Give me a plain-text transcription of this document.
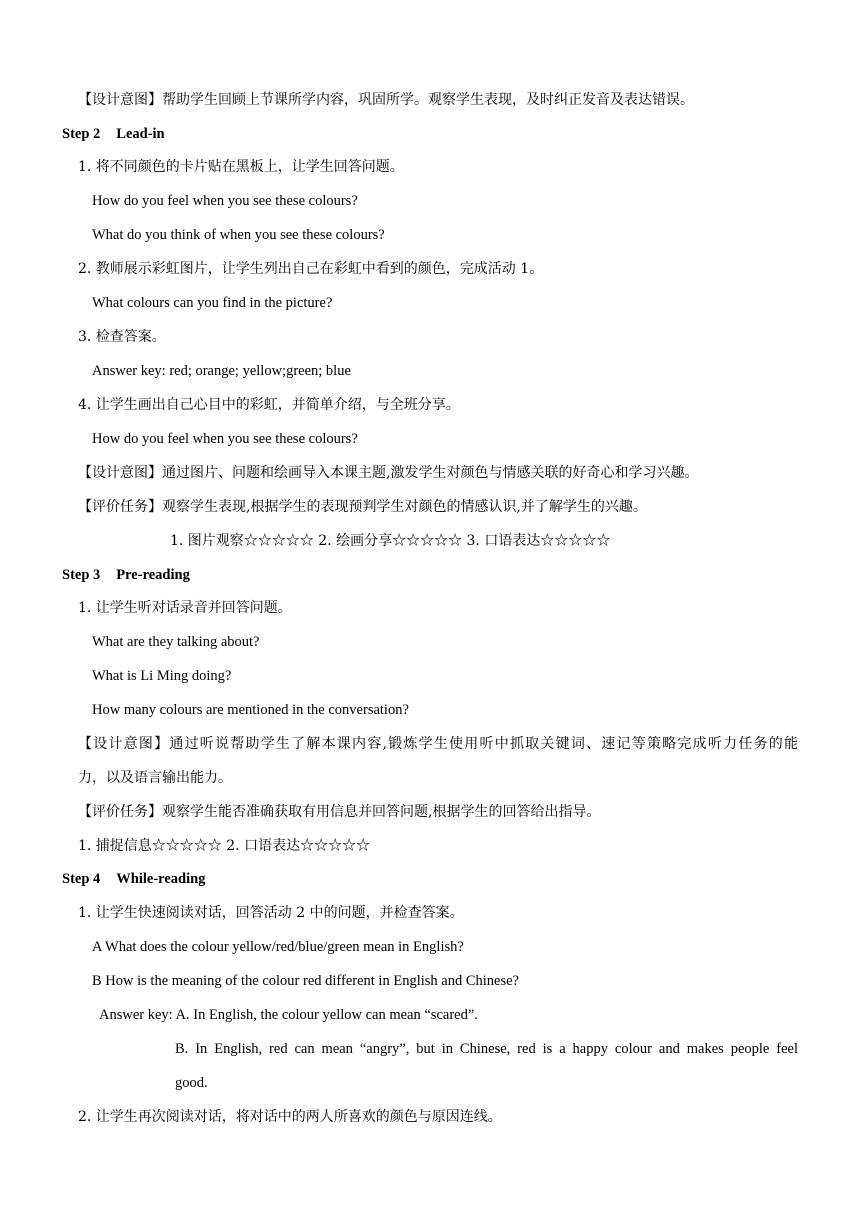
【设计意图】帮助学生回顾上节课所学内容，巩固所学。观察学生表现，及时纠正发音及表达错误。
Step 2 Lead-in
1. 将不同颜色的卡片贴在黑板上，让学生回答问题。
How do you feel when you see these colours?
What do you think of when you see these colours?
2. 教师展示彩虹图片，让学生列出自己在彩虹中看到的颜色，完成活动 1。
What colours can you find in the picture?
3. 检查答案。
Answer key: red; orange; yellow;green; blue
4. 让学生画出自己心目中的彩虹，并简单介绍，与全班分享。
How do you feel when you see these colours?
【设计意图】通过图片、问题和绘画导入本课主题,激发学生对颜色与情感关联的好奇心和学习兴趣。
【评价任务】观察学生表现,根据学生的表现预判学生对颜色的情感认识,并了解学生的兴趣。
1. 图片观察☆☆☆☆☆ 2. 绘画分享☆☆☆☆☆ 3. 口语表达☆☆☆☆☆
Step 3 Pre-reading
1. 让学生听对话录音并回答问题。
What are they talking about?
What is Li Ming doing?
How many colours are mentioned in the conversation?
【设计意图】通过听说帮助学生了解本课内容,锻炼学生使用听中抓取关键词、速记等策略完成听力任务的能
力，以及语言输出能力。
【评价任务】观察学生能否准确获取有用信息并回答问题,根据学生的回答给出指导。
1. 捕捉信息☆☆☆☆☆ 2. 口语表达☆☆☆☆☆
Step 4 While-reading
1. 让学生快速阅读对话，回答活动 2 中的问题，并检查答案。
A What does the colour yellow/red/blue/green mean in English?
B How is the meaning of the colour red different in English and Chinese?
Answer key: A. In English, the colour yellow can mean “scared”.
B. In English, red can mean “angry”, but in Chinese, red is a happy colour and makes people feel
good.
2. 让学生再次阅读对话，将对话中的两人所喜欢的颜色与原因连线。
